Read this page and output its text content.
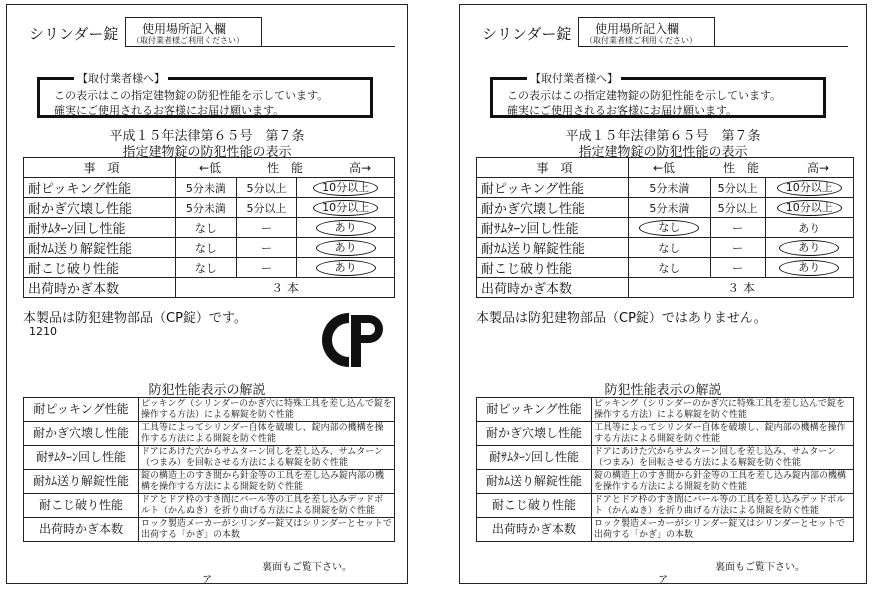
シリンダー錠 使用場所記入欄
（取付業者様ご利用ください）
【取付業者様へ】
この表示はこの指定建物錠の防犯性能を示しています。
確実にご使用されるお客様にお届け願います。
平成１５年法律第６５号　第７条
指定建物錠の防犯性能の表示
事　項	←低 性　能 高→		

耐ピッキング性能	5分未満	5分以上	10分以上
耐かぎ穴壊し性能	5分未満	5分以上	10分以上
耐ｻﾑﾀｰﾝ回し性能	なし	ー	あり
耐ｶﾑ送り解錠性能	なし	ー	あり
耐こじ破り性能	なし	ー	あり
出荷時かぎ本数	３ 本		
本製品は防犯建物部品（CP錠）です。
1210
防犯性能表示の解説
耐ピッキング性能	ピッキング（シリンダーのかぎ穴に特殊工具を差し込んで錠を操作する方法）による解錠を防ぐ性能
耐かぎ穴壊し性能	工具等によってシリンダー自体を破壊し、錠内部の機構を操作する方法による開錠を防ぐ性能
耐ｻﾑﾀｰﾝ回し性能	ドアにあけた穴からサムターン回しを差し込み、サムターン（つまみ）を回転させる方法による解錠を防ぐ性能
耐ｶﾑ送り解錠性能	錠の構造上のすき間から針金等の工具を差し込み錠内部の機構を操作する方法による開錠を防ぐ性能
耐こじ破り性能	ドアとドア枠のすき間にバール等の工具を差し込みデッドボルト（かんぬき）を折り曲げる方法による開錠を防ぐ性能
出荷時かぎ本数	ロック製造メーカーがシリンダー錠又はシリンダーとセットで出荷する「かぎ」の本数
裏面もご覧下さい。
ア
シリンダー錠 使用場所記入欄
（取付業者様ご利用ください）
【取付業者様へ】
この表示はこの指定建物錠の防犯性能を示しています。
確実にご使用されるお客様にお届け願います。
平成１５年法律第６５号　第７条
指定建物錠の防犯性能の表示
事　項	←低 性　能 高→		

耐ピッキング性能	5分未満	5分以上	10分以上
耐かぎ穴壊し性能	5分未満	5分以上	10分以上
耐ｻﾑﾀｰﾝ回し性能	なし	ー	あり
耐ｶﾑ送り解錠性能	なし	ー	あり
耐こじ破り性能	なし	ー	あり
出荷時かぎ本数	３ 本		
本製品は防犯建物部品（CP錠）ではありません。
防犯性能表示の解説
耐ピッキング性能	ピッキング（シリンダーのかぎ穴に特殊工具を差し込んで錠を操作する方法）による解錠を防ぐ性能
耐かぎ穴壊し性能	工具等によってシリンダー自体を破壊し、錠内部の機構を操作する方法による開錠を防ぐ性能
耐ｻﾑﾀｰﾝ回し性能	ドアにあけた穴からサムターン回しを差し込み、サムターン（つまみ）を回転させる方法による解錠を防ぐ性能
耐ｶﾑ送り解錠性能	錠の構造上のすき間から針金等の工具を差し込み錠内部の機構を操作する方法による開錠を防ぐ性能
耐こじ破り性能	ドアとドア枠のすき間にバール等の工具を差し込みデッドボルト（かんぬき）を折り曲げる方法による開錠を防ぐ性能
出荷時かぎ本数	ロック製造メーカーがシリンダー錠又はシリンダーとセットで出荷する「かぎ」の本数
裏面もご覧下さい。
ア
